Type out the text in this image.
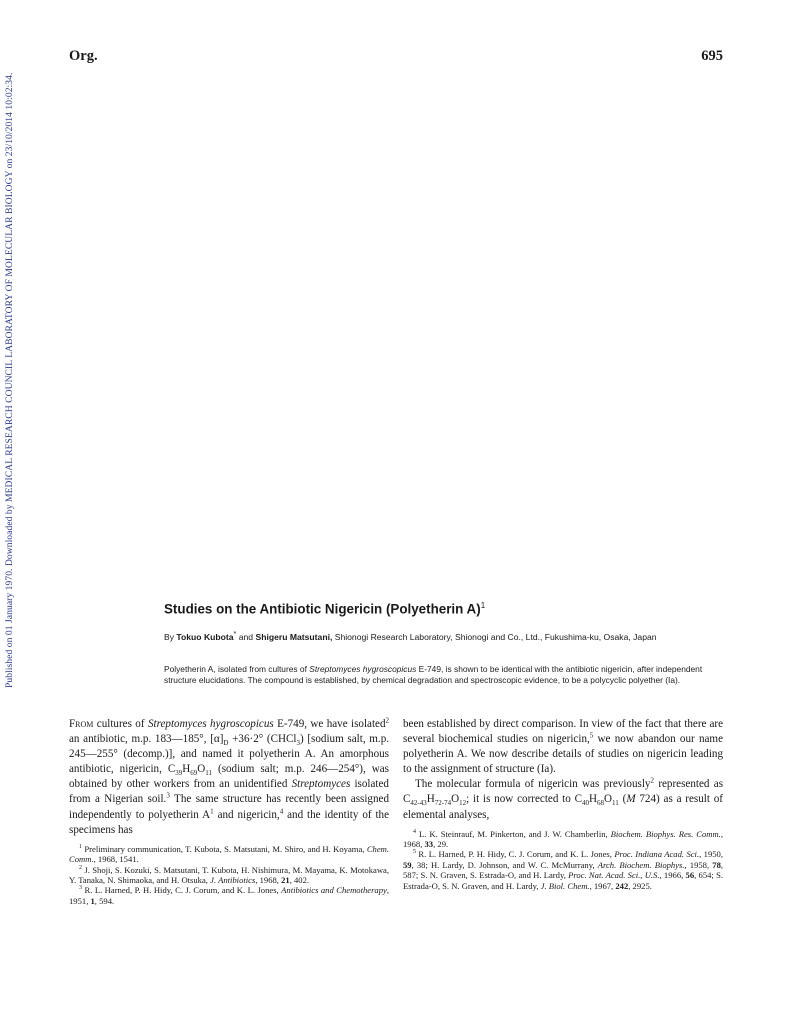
Published on 01 January 1970. Downloaded by MEDICAL RESEARCH COUNCIL LABORATORY OF MOLECULAR BIOLOGY on 23/10/2014 10:02:34.
Org.	695
Studies on the Antibiotic Nigericin (Polyetherin A)$^1$
By Tokuo Kubota* and Shigeru Matsutani, Shionogi Research Laboratory, Shionogi and Co., Ltd., Fukushima-ku, Osaka, Japan
Polyetherin A, isolated from cultures of Streptomyces hygroscopicus E-749, is shown to be identical with the antibiotic nigericin, after independent structure elucidations. The compound is established, by chemical degradation and spectroscopic evidence, to be a polycyclic polyether (Ia).

From cultures of Streptomyces hygroscopicus E-749, we have isolated$^2$ an antibiotic, m.p. 183—185°, $[\alpha]_D +36\cdot 2^\circ$ (CHCl$_3$) [sodium salt, m.p. 245—255° (decomp.)], and named it polyetherin A. An amorphous antibiotic, nigericin, $C_{39}H_{69}O_{11}$ (sodium salt; m.p. 246—254°), was obtained by other workers from an unidentified Streptomyces isolated from a Nigerian soil.$^3$ The same structure has recently been assigned independently to polyetherin $A^1$ and nigericin,$^4$ and the identity of the specimens has

$^1$ Preliminary communication, T. Kubota, S. Matsutani, M. Shiro, and H. Koyama, Chem. Comm., 1968, 1541.

$^2$ J. Shoji, S. Kozuki, S. Matsutani, T. Kubota, H. Nishimura, M. Mayama, K. Motokawa, Y. Tanaka, N. Shimaoka, and H. Otsuka, J. Antibiotics, 1968, 21, 402.

$^3$ R. L. Harned, P. H. Hidy, C. J. Corum, and K. L. Jones, Antibiotics and Chemotherapy, 1951, 1, 594.

been established by direct comparison. In view of the fact that there are several biochemical studies on nigericin,$^5$ we now abandon our name polyetherin A. We now describe details of studies on nigericin leading to the assignment of structure (Ia).

The molecular formula of nigericin was previously$^2$ represented as $C_{42-43}H_{72-74}O_{12}$; it is now corrected to $C_{40}H_{68}O_{11}$ (M 724) as a result of elemental analyses,

$^4$ L. K. Steinrauf, M. Pinkerton, and J. W. Chamberlin, Biochem. Biophys. Res. Comm., 1968, 33, 29.

$^5$ R. L. Harned, P. H. Hidy, C. J. Corum, and K. L. Jones, Proc. Indiana Acad. Sci., 1950, 59, 38; H. Lardy, D. Johnson, and W. C. McMurrany, Arch. Biochem. Biophys., 1958, 78, 587; S. N. Graven, S. Estrada-O, and H. Lardy, Proc. Nat. Acad. Sci., U.S., 1966, 56, 654; S. Estrada-O, S. N. Graven, and H. Lardy, J. Biol. Chem., 1967, 242, 2925.
